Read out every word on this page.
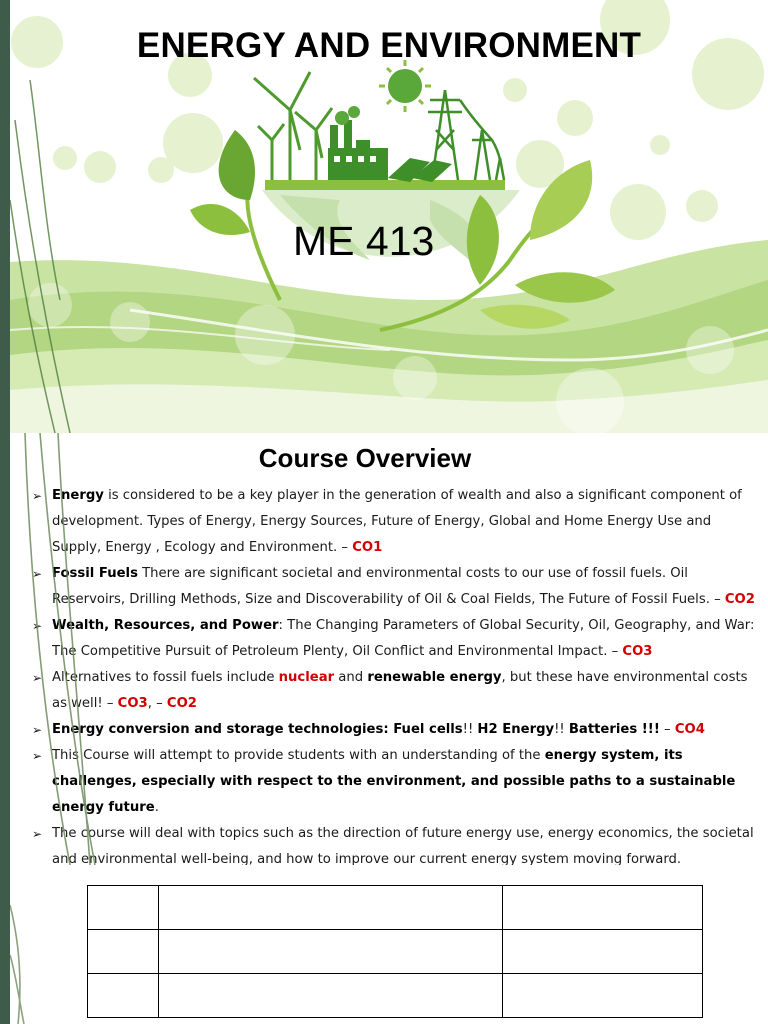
ENERGY AND ENVIRONMENT
ME 413
Course Overview
➢ Energy is considered to be a key player in the generation of wealth and also a significant component of development. Types of Energy, Energy Sources, Future of Energy, Global and Home Energy Use and Supply, Energy , Ecology and Environment. – CO1
➢ Fossil Fuels There are significant societal and environmental costs to our use of fossil fuels. Oil Reservoirs, Drilling Methods, Size and Discoverability of Oil & Coal Fields, The Future of Fossil Fuels. – CO2
➢ Wealth, Resources, and Power: The Changing Parameters of Global Security, Oil, Geography, and War: The Competitive Pursuit of Petroleum Plenty, Oil Conflict and Environmental Impact. – CO3
➢ Alternatives to fossil fuels include nuclear and renewable energy, but these have environmental costs as well! – CO3, – CO2
➢ Energy conversion and storage technologies: Fuel cells!! H2 Energy!! Batteries !!! – CO4
➢ This Course will attempt to provide students with an understanding of the energy system, its challenges, especially with respect to the environment, and possible paths to a sustainable energy future.
➢ The course will deal with topics such as the direction of future energy use, energy economics, the societal and environmental well-being, and how to improve our current energy system moving forward.
